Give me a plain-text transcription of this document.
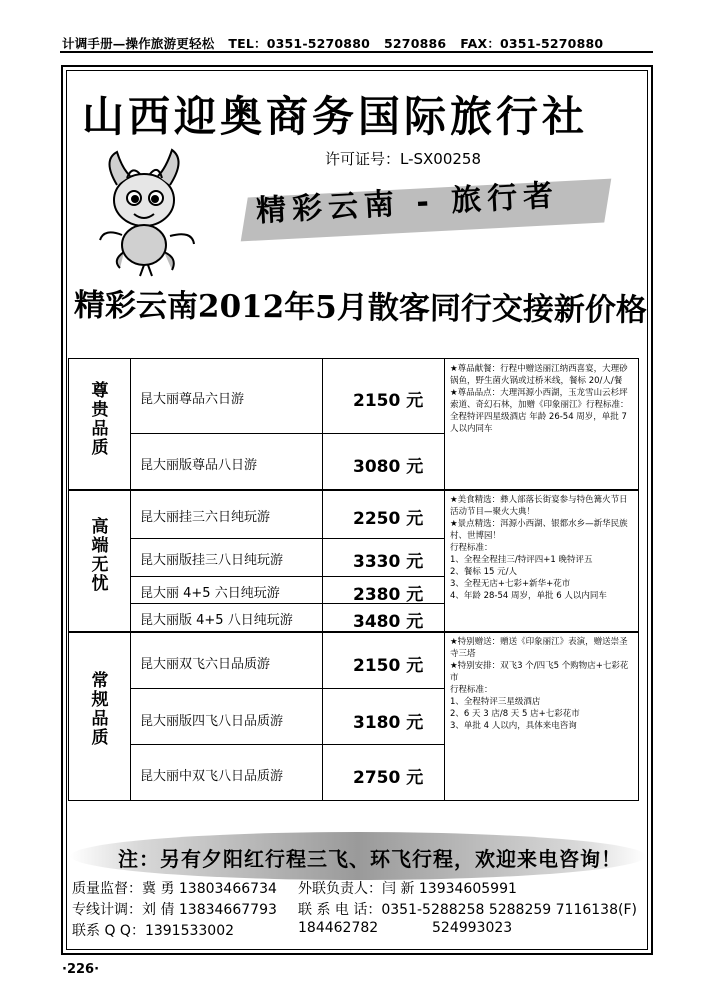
计调手册—操作旅游更轻松 TEL：0351-5270880 5270886 FAX：0351-5270880
山西迎奥商务国际旅行社
许可证号：L-SX00258
精彩云南 - 旅行者
精彩云南2012年5月散客同行交接新价格
尊
贵
品
质
昆大丽尊品六日游	2150 元
昆大丽版尊品八日游	3080 元
★尊品献餐：行程中赠送丽江纳西喜宴，大理砂锅鱼，野生菌火锅或过桥米线，餐标 20/人/餐
★尊品品点：大理洱源小西湖，玉龙雪山云杉坪索道、奇幻石林，加赠《印象丽江》行程标准：
全程特评四星级酒店 年龄 26-54 周岁，单批 7 人以内同车
高
端
无
忧
昆大丽挂三六日纯玩游	2250 元
昆大丽版挂三八日纯玩游	3330 元
昆大丽 4+5 六日纯玩游	2380 元
昆大丽版 4+5 八日纯玩游	3480 元
★美食精选：彝人部落长街宴参与特色篝火节日活动节目—聚火大典！
★景点精选：洱源小西湖、银都水乡—新华民族村、世博园！
行程标准：
1、全程全程挂三/特评四+1 晚特评五
2、餐标 15 元/人
3、全程无店+七彩+新华+花市
4、年龄 28-54 周岁，单批 6 人以内同车
常
规
品
质
昆大丽双飞六日品质游	2150 元
昆大丽版四飞八日品质游	3180 元
昆大丽中双飞八日品质游	2750 元
★特别赠送：赠送《印象丽江》表演，赠送崇圣寺三塔
★特别安排：双飞3 个/四飞5 个购物店+七彩花市
行程标准：
1、全程特评三星级酒店
2、6 天 3 店/8 天 5 店+七彩花市
3、单批 4 人以内，具体来电咨询
注：另有夕阳红行程三飞、环飞行程，欢迎来电咨询！
质量监督：冀 勇 13803466734 外联负责人：闫 新 13934605991
专线计调：刘 倩 13834667793 联 系 电 话：0351-5288258 5288259 7116138(F)
联系 Q Q：1391533002	184462782	524993023
·226·
